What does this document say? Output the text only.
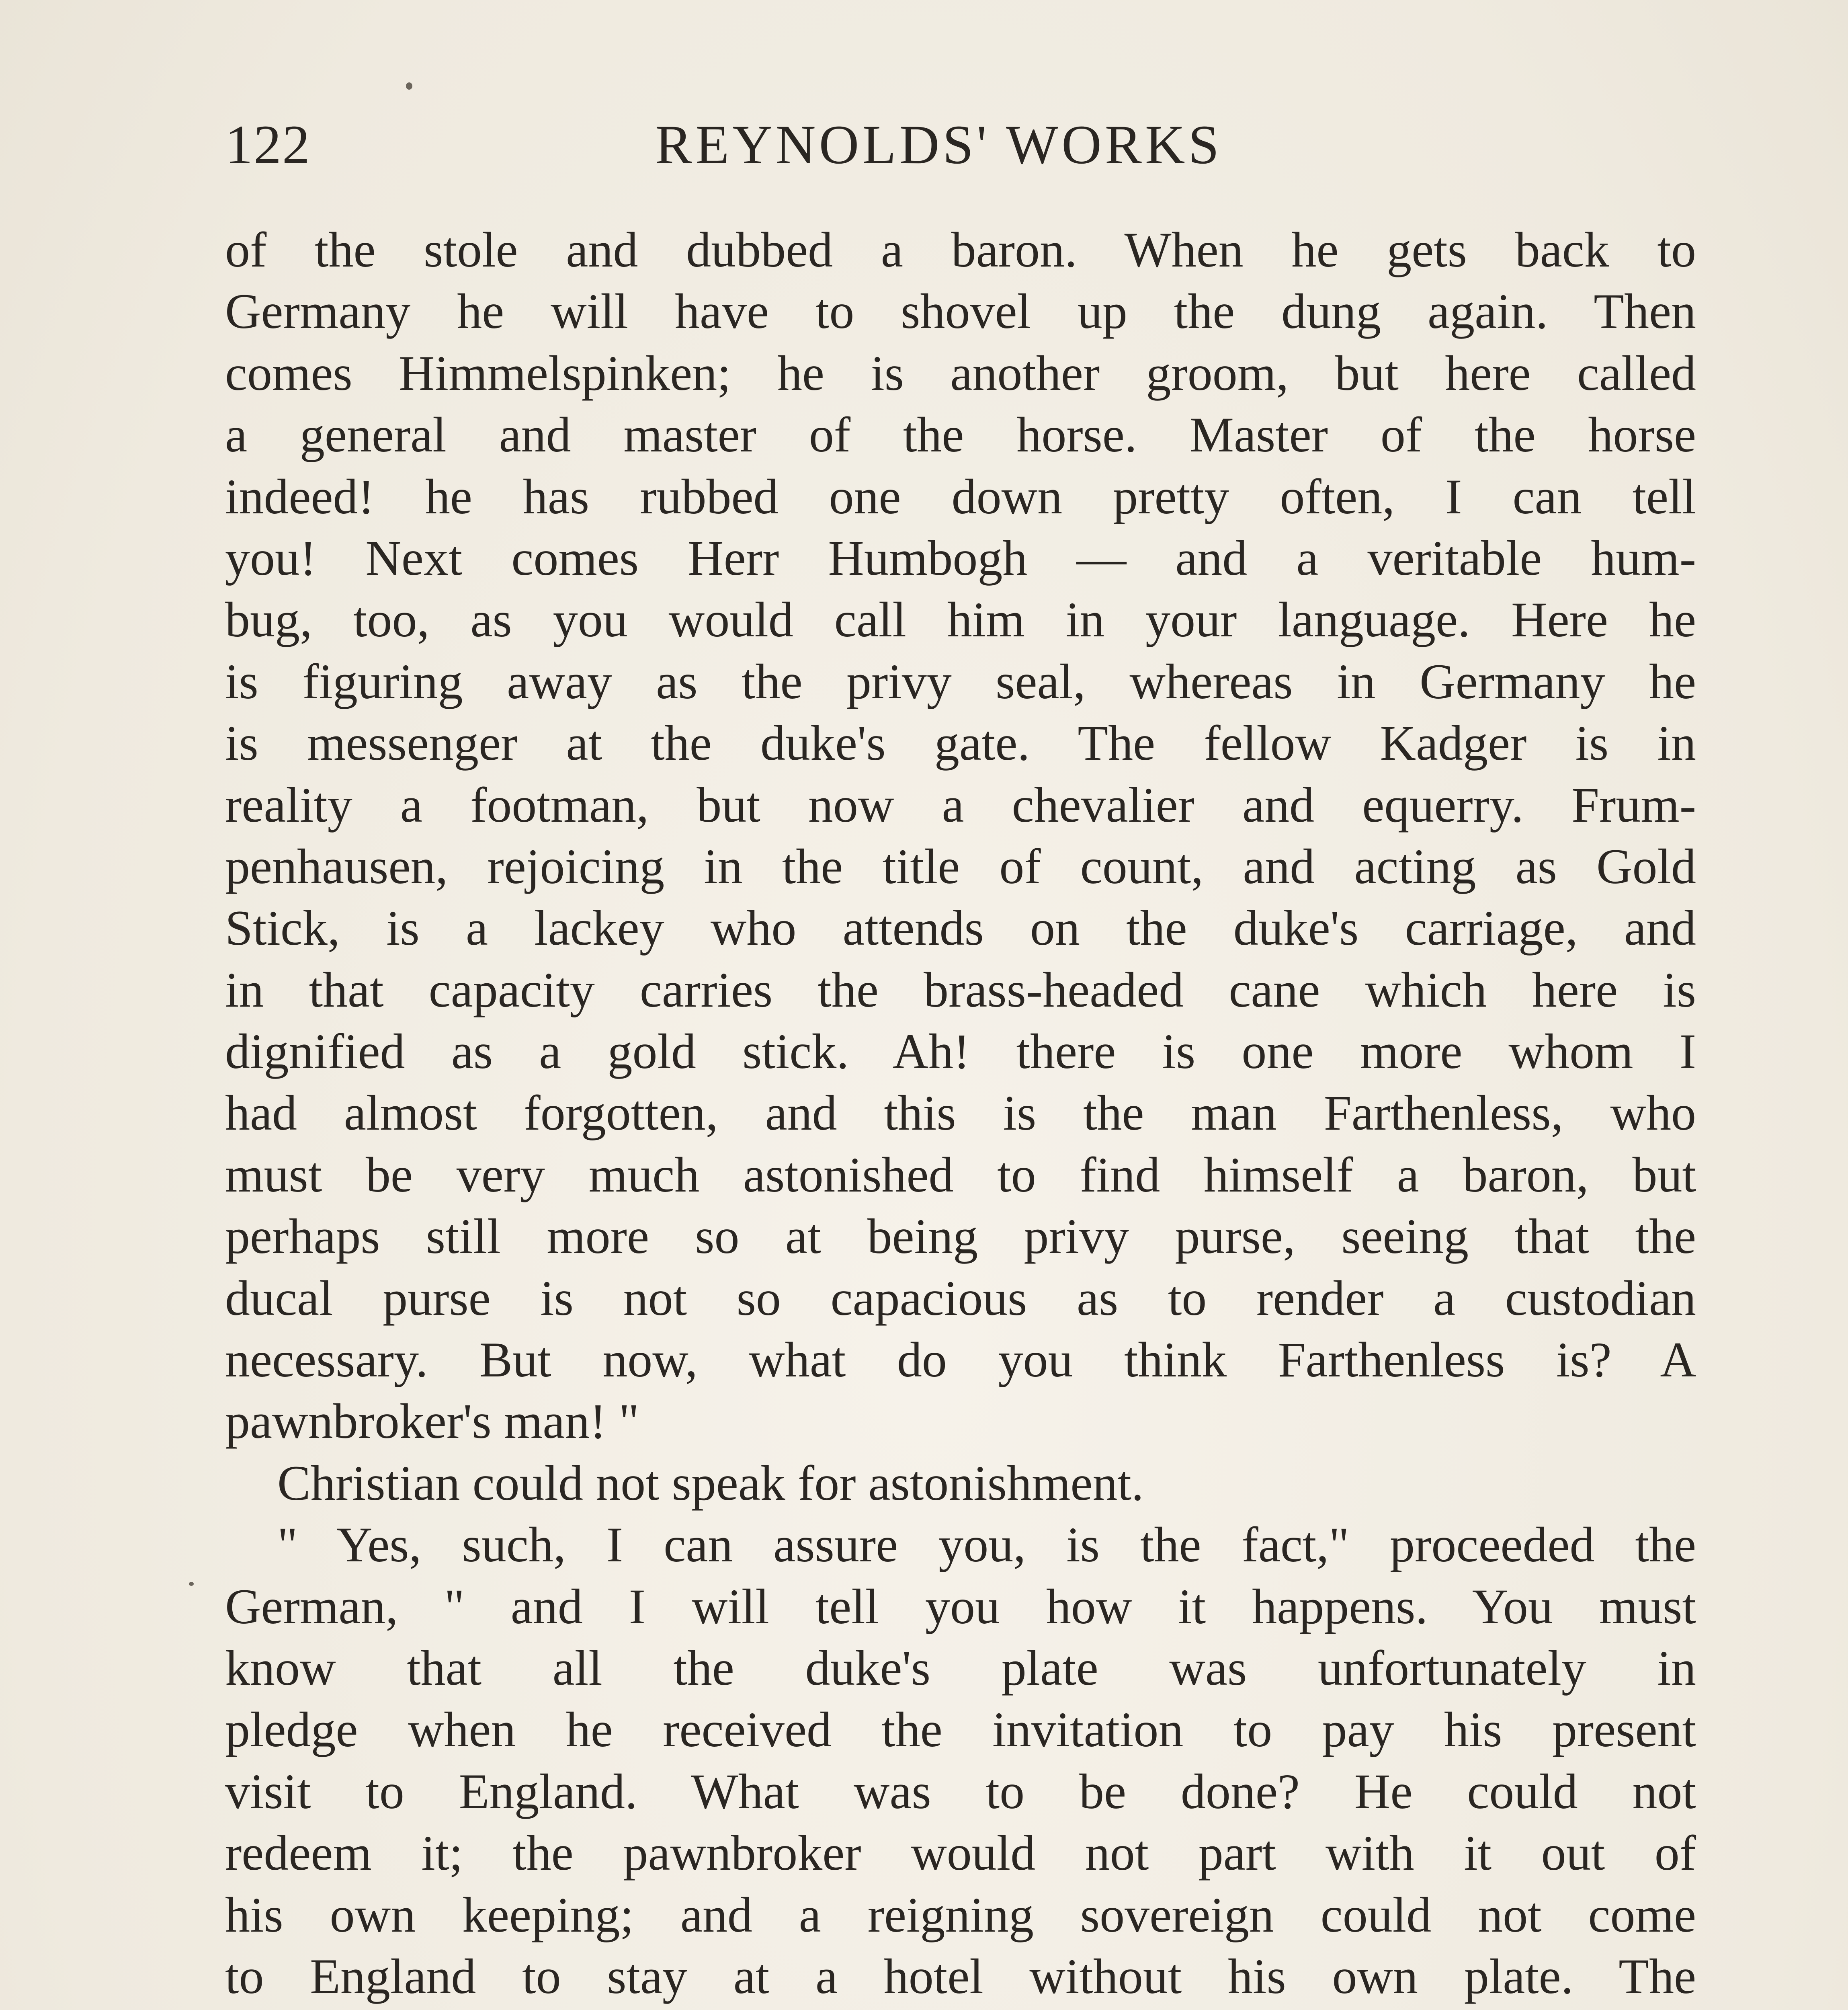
122	REYNOLDS' WORKS
of the stole and dubbed a baron. When he gets back to
Germany he will have to shovel up the dung again. Then
comes Himmelspinken; he is another groom, but here called
a general and master of the horse. Master of the horse
indeed! he has rubbed one down pretty often, I can tell
you! Next comes Herr Humbogh — and a veritable hum-
bug, too, as you would call him in your language. Here he
is figuring away as the privy seal, whereas in Germany he
is messenger at the duke's gate. The fellow Kadger is in
reality a footman, but now a chevalier and equerry. Frum-
penhausen, rejoicing in the title of count, and acting as Gold
Stick, is a lackey who attends on the duke's carriage, and
in that capacity carries the brass-headed cane which here is
dignified as a gold stick. Ah! there is one more whom I
had almost forgotten, and this is the man Farthenless, who
must be very much astonished to find himself a baron, but
perhaps still more so at being privy purse, seeing that the
ducal purse is not so capacious as to render a custodian
necessary. But now, what do you think Farthenless is? A
pawnbroker's man! "
Christian could not speak for astonishment.
" Yes, such, I can assure you, is the fact," proceeded the
German, " and I will tell you how it happens. You must
know that all the duke's plate was unfortunately in
pledge when he received the invitation to pay his present
visit to England. What was to be done? He could not
redeem it; the pawnbroker would not part with it out of
his own keeping; and a reigning sovereign could not come
to England to stay at a hotel without his own plate. The
